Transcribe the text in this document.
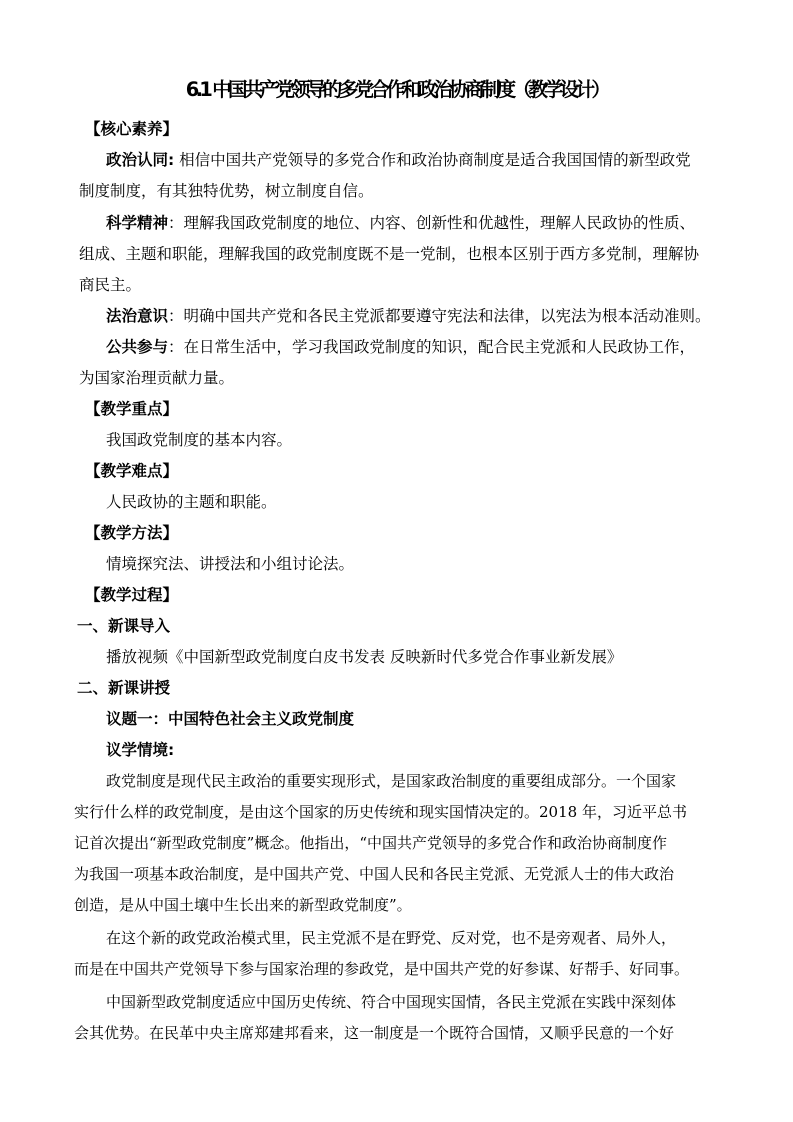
6.1 中国共产党领导的多党合作和政治协商制度（教学设计）
【核心素养】
政治认同: 相信中国共产党领导的多党合作和政治协商制度是适合我国国情的新型政党
制度制度，有其独特优势，树立制度自信。
科学精神：理解我国政党制度的地位、内容、创新性和优越性，理解人民政协的性质、
组成、主题和职能，理解我国的政党制度既不是一党制，也根本区别于西方多党制，理解协
商民主。
法治意识：明确中国共产党和各民主党派都要遵守宪法和法律，以宪法为根本活动准则。
公共参与：在日常生活中，学习我国政党制度的知识，配合民主党派和人民政协工作，
为国家治理贡献力量。
【教学重点】
我国政党制度的基本内容。
【教学难点】
人民政协的主题和职能。
【教学方法】
情境探究法、讲授法和小组讨论法。
【教学过程】
一、新课导入
播放视频《中国新型政党制度白皮书发表 反映新时代多党合作事业新发展》
二、新课讲授
议题一：中国特色社会主义政党制度
议学情境:
政党制度是现代民主政治的重要实现形式，是国家政治制度的重要组成部分。一个国家
实行什么样的政党制度，是由这个国家的历史传统和现实国情决定的。2018 年，习近平总书
记首次提出“新型政党制度”概念。他指出，“中国共产党领导的多党合作和政治协商制度作
为我国一项基本政治制度，是中国共产党、中国人民和各民主党派、无党派人士的伟大政治
创造，是从中国土壤中生长出来的新型政党制度”。
在这个新的政党政治模式里，民主党派不是在野党、反对党，也不是旁观者、局外人，
而是在中国共产党领导下参与国家治理的参政党，是中国共产党的好参谋、好帮手、好同事。
中国新型政党制度适应中国历史传统、符合中国现实国情，各民主党派在实践中深刻体
会其优势。在民革中央主席郑建邦看来，这一制度是一个既符合国情，又顺乎民意的一个好
